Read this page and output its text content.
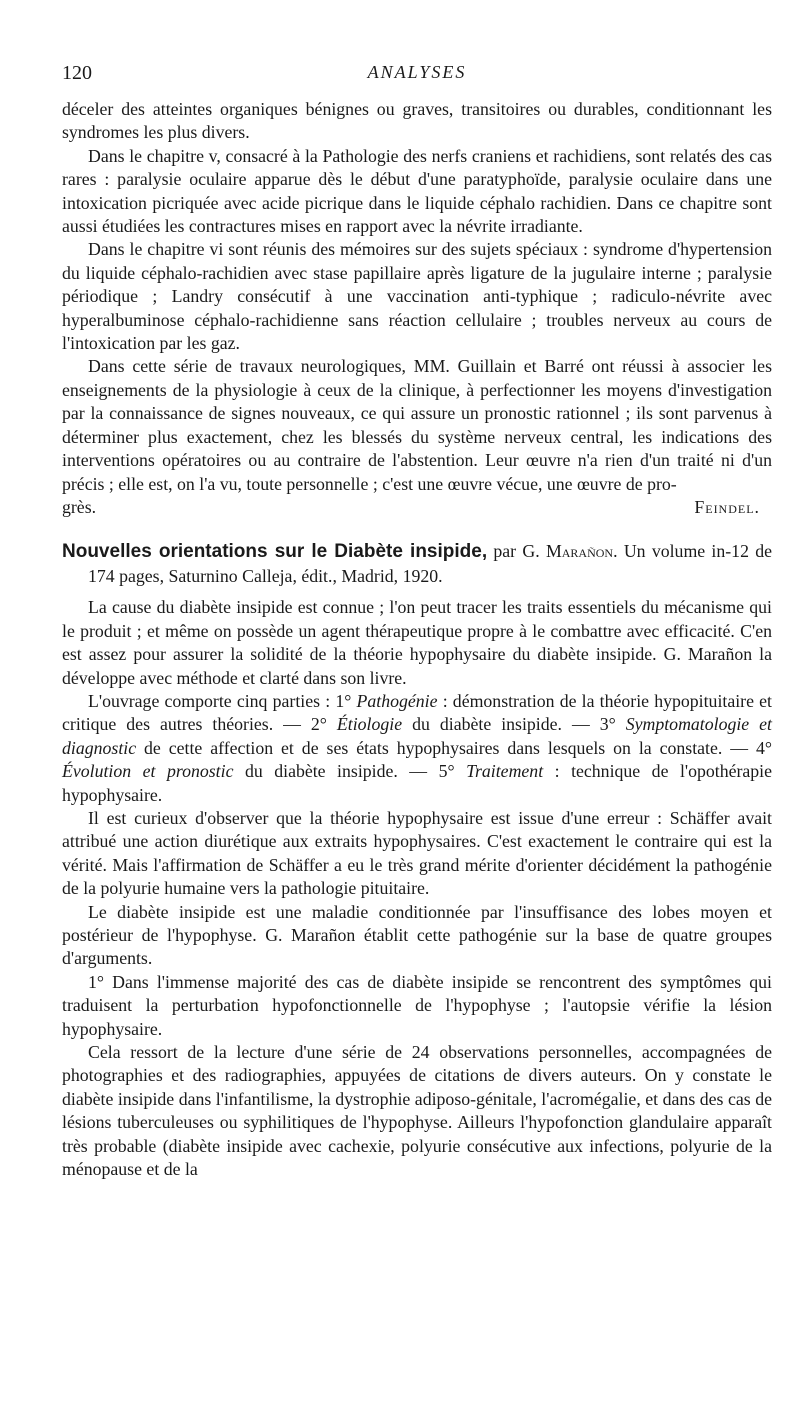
120	ANALYSES

déceler des atteintes organiques bénignes ou graves, transitoires ou durables, conditionnant les syndromes les plus divers.

Dans le chapitre v, consacré à la Pathologie des nerfs craniens et rachidiens, sont relatés des cas rares : paralysie oculaire apparue dès le début d'une paratyphoïde, paralysie oculaire dans une intoxication picriquée avec acide picrique dans le liquide céphalo rachidien. Dans ce chapitre sont aussi étudiées les contractures mises en rapport avec la névrite irradiante.

Dans le chapitre vi sont réunis des mémoires sur des sujets spéciaux : syndrome d'hypertension du liquide céphalo-rachidien avec stase papillaire après ligature de la jugulaire interne ; paralysie périodique ; Landry consécutif à une vaccination anti-typhique ; radiculo-névrite avec hyperalbuminose céphalo-rachidienne sans réaction cellulaire ; troubles nerveux au cours de l'intoxication par les gaz.

Dans cette série de travaux neurologiques, MM. Guillain et Barré ont réussi à associer les enseignements de la physiologie à ceux de la clinique, à perfectionner les moyens d'investigation par la connaissance de signes nouveaux, ce qui assure un pronostic rationnel ; ils sont parvenus à déterminer plus exactement, chez les blessés du système nerveux central, les indications des interventions opératoires ou au contraire de l'abstention. Leur œuvre n'a rien d'un traité ni d'un précis ; elle est, on l'a vu, toute personnelle ; c'est une œuvre vécue, une œuvre de pro-

grès.	Feindel.

Nouvelles orientations sur le Diabète insipide, par G. Marañon. Un volume in-12 de 174 pages, Saturnino Calleja, édit., Madrid, 1920.

La cause du diabète insipide est connue ; l'on peut tracer les traits essentiels du mécanisme qui le produit ; et même on possède un agent thérapeutique propre à le combattre avec efficacité. C'en est assez pour assurer la solidité de la théorie hypophysaire du diabète insipide. G. Marañon la développe avec méthode et clarté dans son livre.

L'ouvrage comporte cinq parties : 1° Pathogénie : démonstration de la théorie hypopituitaire et critique des autres théories. — 2° Étiologie du diabète insipide. — 3° Symptomatologie et diagnostic de cette affection et de ses états hypophysaires dans lesquels on la constate. — 4° Évolution et pronostic du diabète insipide. — 5° Traitement : technique de l'opothérapie hypophysaire.

Il est curieux d'observer que la théorie hypophysaire est issue d'une erreur : Schäffer avait attribué une action diurétique aux extraits hypophysaires. C'est exactement le contraire qui est la vérité. Mais l'affirmation de Schäffer a eu le très grand mérite d'orienter décidément la pathogénie de la polyurie humaine vers la pathologie pituitaire.

Le diabète insipide est une maladie conditionnée par l'insuffisance des lobes moyen et postérieur de l'hypophyse. G. Marañon établit cette pathogénie sur la base de quatre groupes d'arguments.

1° Dans l'immense majorité des cas de diabète insipide se rencontrent des symptômes qui traduisent la perturbation hypofonctionnelle de l'hypophyse ; l'autopsie vérifie la lésion hypophysaire.

Cela ressort de la lecture d'une série de 24 observations personnelles, accompagnées de photographies et des radiographies, appuyées de citations de divers auteurs. On y constate le diabète insipide dans l'infantilisme, la dystrophie adiposo-génitale, l'acromégalie, et dans des cas de lésions tuberculeuses ou syphilitiques de l'hypophyse. Ailleurs l'hypofonction glandulaire apparaît très probable (diabète insipide avec cachexie, polyurie consécutive aux infections, polyurie de la ménopause et de la
